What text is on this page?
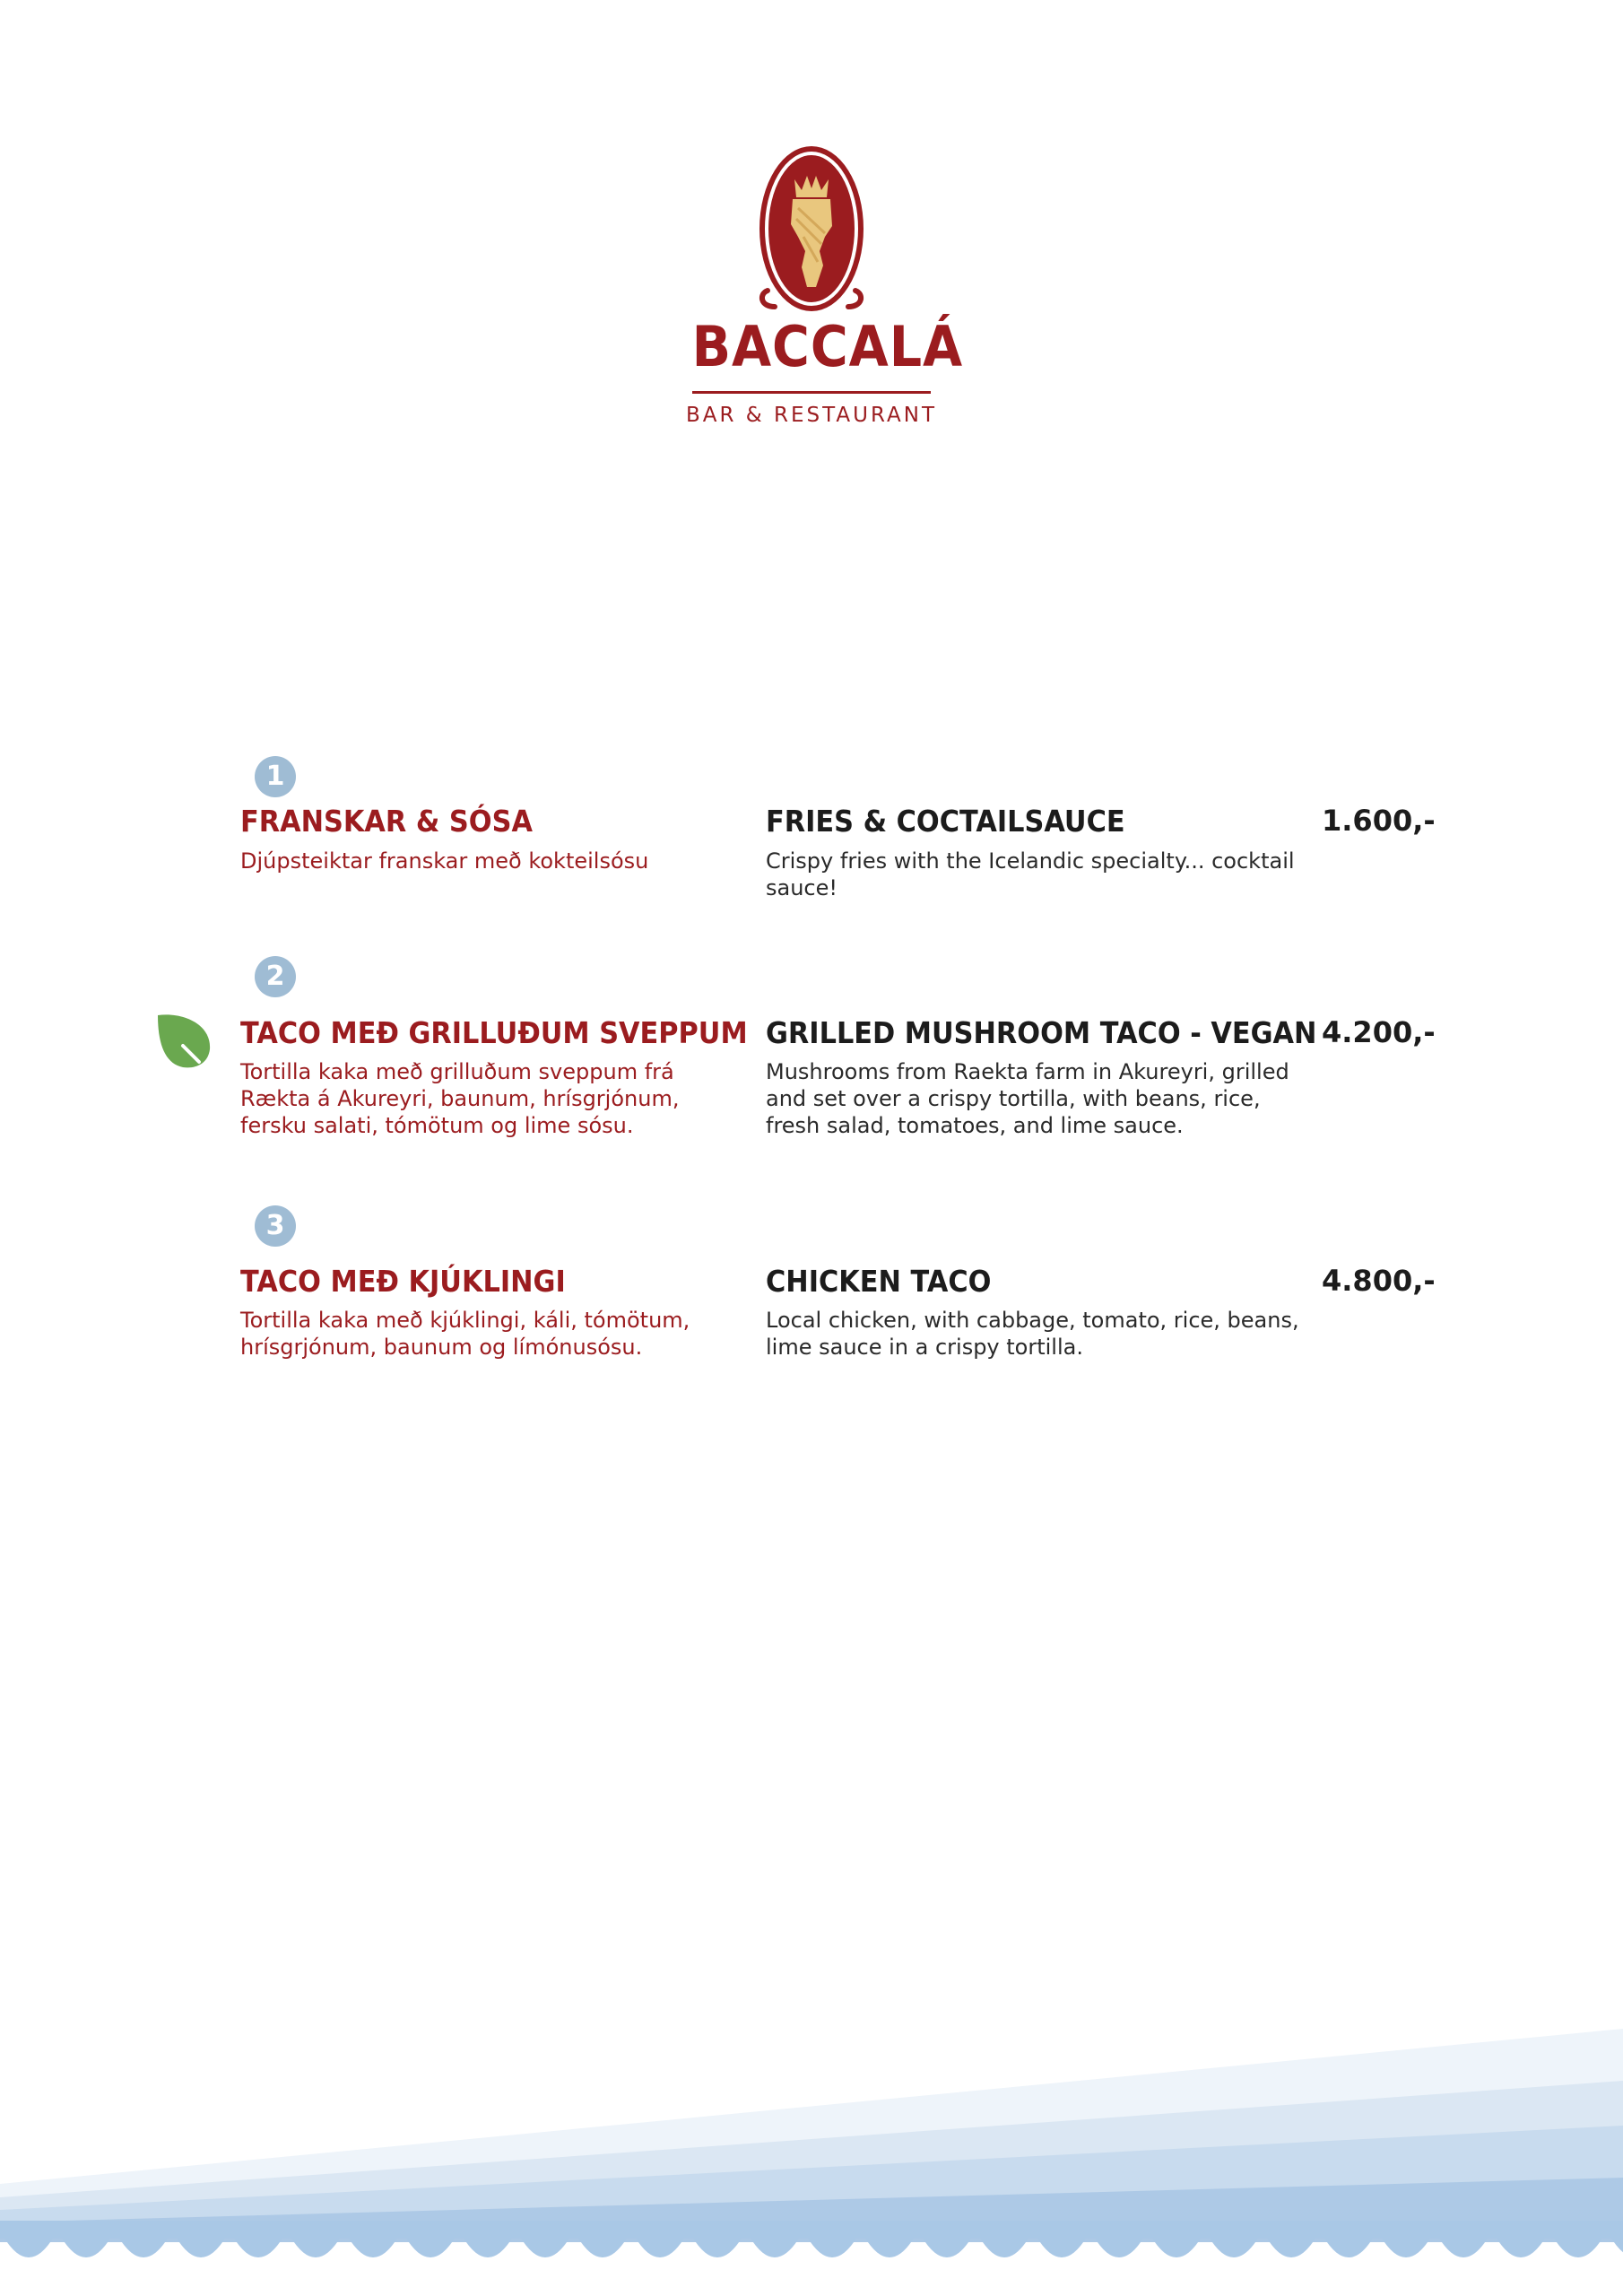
BACCALÁ
BAR & RESTAURANT
1
FRANSKAR & SÓSA
Djúpsteiktar franskar með kokteilsósu
FRIES & COCTAILSAUCE
Crispy fries with the Icelandic specialty... cocktail sauce!
1.600,-
2
TACO MEÐ GRILLUÐUM SVEPPUM
Tortilla kaka með grilluðum sveppum frá Rækta á Akureyri, baunum, hrísgrjónum, fersku salati, tómötum og lime sósu.
GRILLED MUSHROOM TACO - VEGAN
Mushrooms from Raekta farm in Akureyri, grilled and set over a crispy tortilla, with beans, rice, fresh salad, tomatoes, and lime sauce.
4.200,-
3
TACO MEÐ KJÚKLINGI
Tortilla kaka með kjúklingi, káli, tómötum, hrísgrjónum, baunum og límónusósu.
CHICKEN TACO
Local chicken, with cabbage, tomato, rice, beans, lime sauce in a crispy tortilla.
4.800,-
